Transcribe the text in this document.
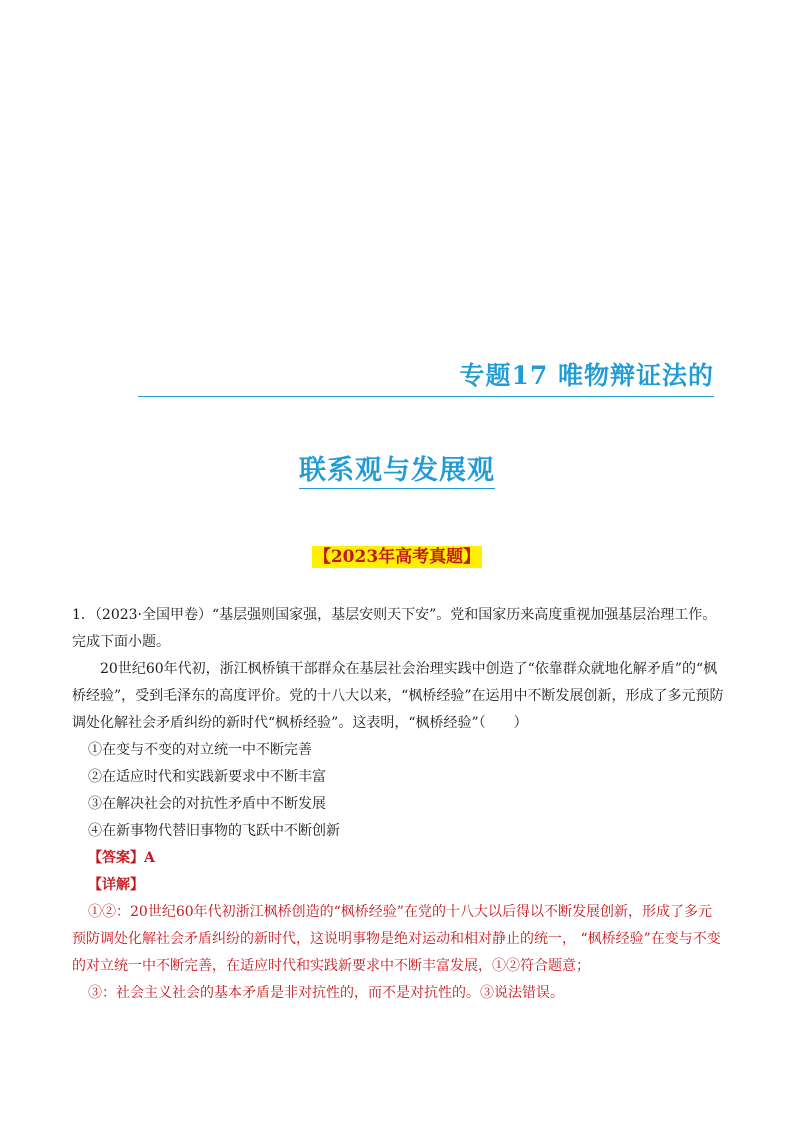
专题17 唯物辩证法的
联系观与发展观
【2023年高考真题】

1．（2023·全国甲卷）“基层强则国家强，基层安则天下安”。党和国家历来高度重视加强基层治理工作。完成下面小题。

20世纪60年代初，浙江枫桥镇干部群众在基层社会治理实践中创造了“依靠群众就地化解矛盾”的“枫桥经验”，受到毛泽东的高度评价。党的十八大以来，“枫桥经验”在运用中不断发展创新，形成了多元预防调处化解社会矛盾纠纷的新时代“枫桥经验”。这表明，“枫桥经验”（　　）

①在变与不变的对立统一中不断完善

②在适应时代和实践新要求中不断丰富

③在解决社会的对抗性矛盾中不断发展

④在新事物代替旧事物的飞跃中不断创新

【答案】A

【详解】

①②：20世纪60年代初浙江枫桥创造的“枫桥经验”在党的十八大以后得以不断发展创新，形成了多元预防调处化解社会矛盾纠纷的新时代，这说明事物是绝对运动和相对静止的统一， “枫桥经验”在变与不变的对立统一中不断完善，在适应时代和实践新要求中不断丰富发展，①②符合题意；

③：社会主义社会的基本矛盾是非对抗性的，而不是对抗性的。③说法错误。
